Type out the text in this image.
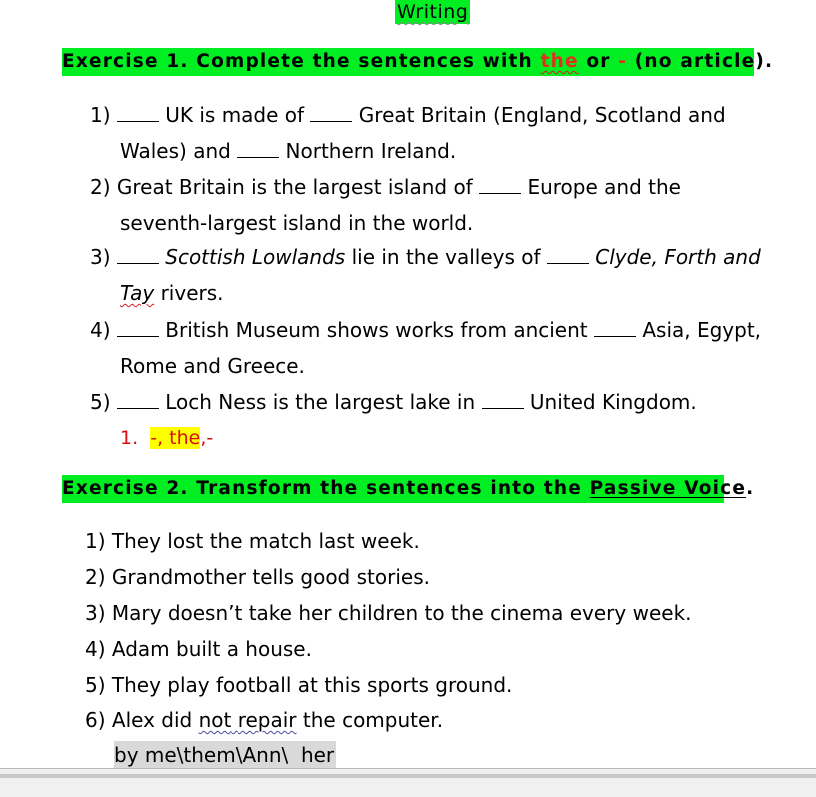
Writing
Exercise 1. Complete the sentences with the or - (no article).
1)  UK is made of  Great Britain (England, Scotland and
Wales) and  Northern Ireland.
2) Great Britain is the largest island of  Europe and the
seventh-largest island in the world.
3)  Scottish Lowlands lie in the valleys of  Clyde, Forth and
Tay rivers.
4)  British Museum shows works from ancient  Asia, Egypt,
Rome and Greece.
5)  Loch Ness is the largest lake in  United Kingdom.
1. -, the,-
Exercise 2. Transform the sentences into the Passive Voice.
1) They lost the match last week.
2) Grandmother tells good stories.
3) Mary doesn’t take her children to the cinema every week.
4) Adam built a house.
5) They play football at this sports ground.
6) Alex did not repair the computer.
by me\them\Ann\  her
